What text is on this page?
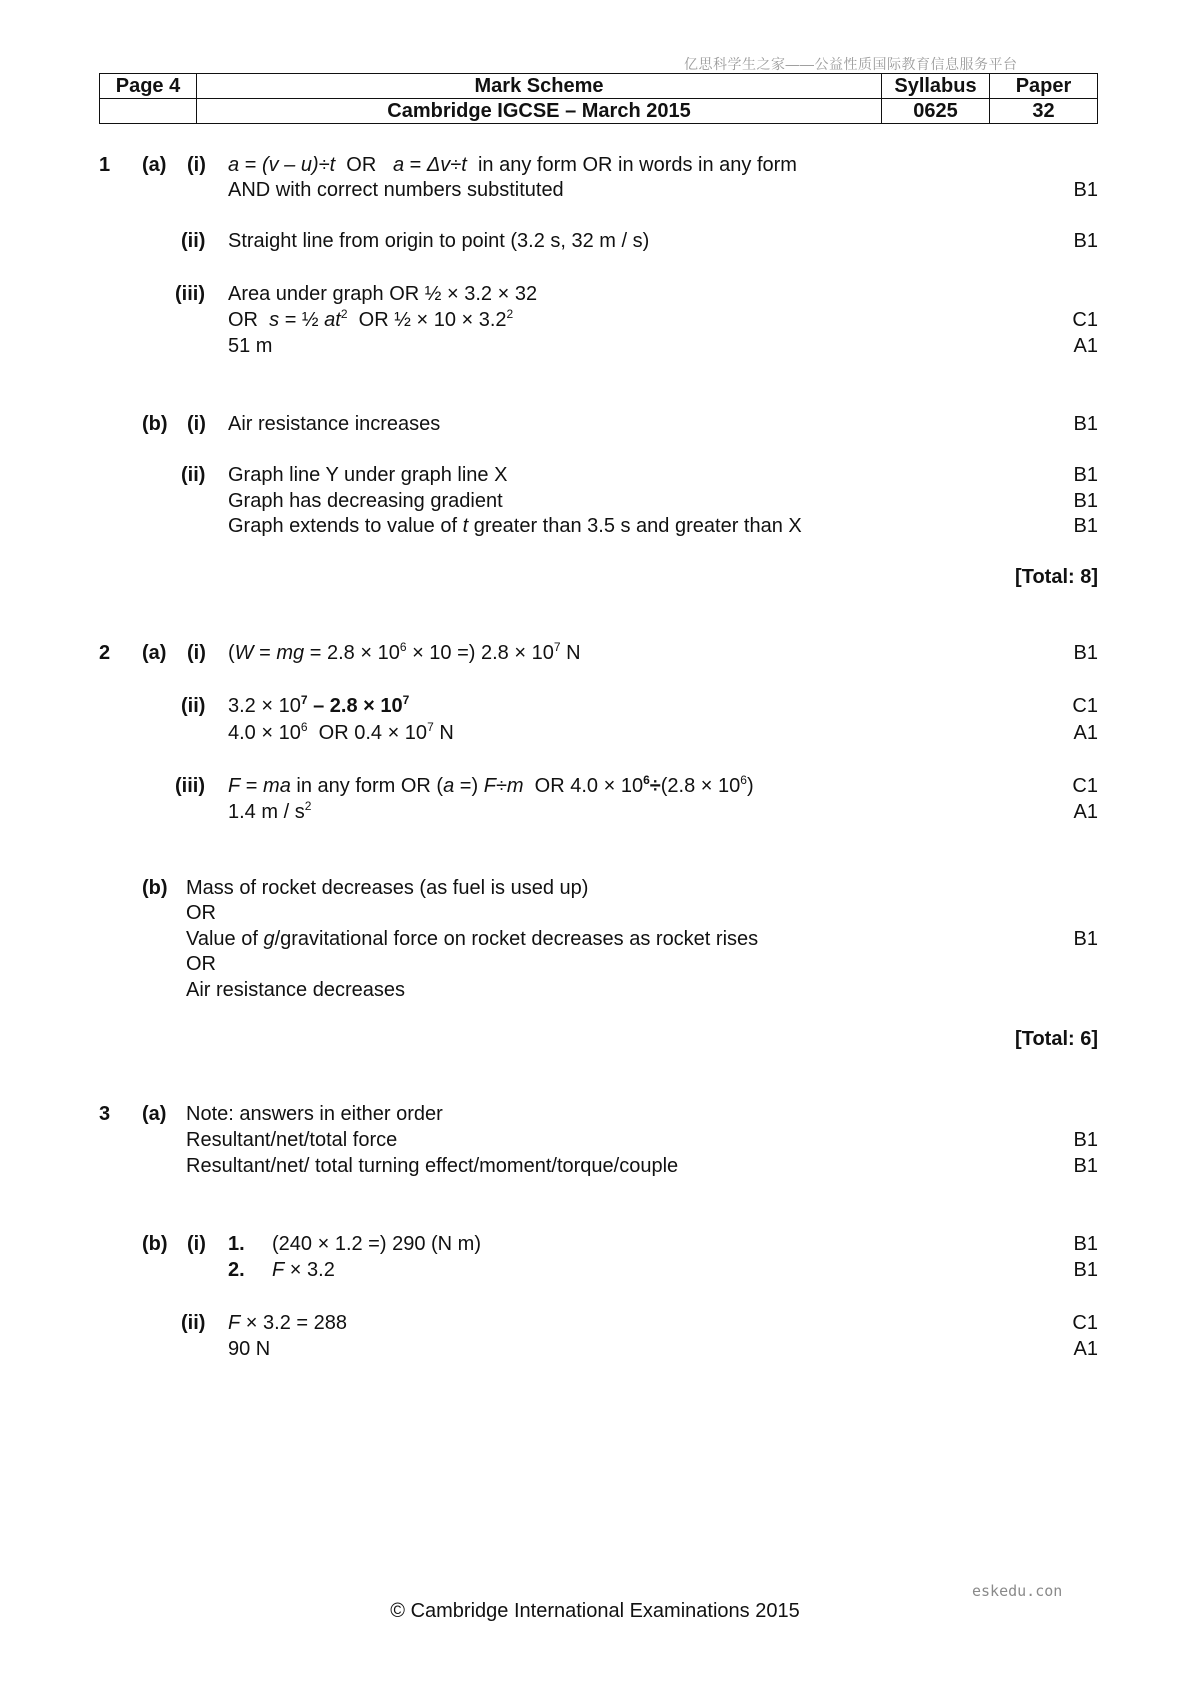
亿思科学生之家——公益性质国际教育信息服务平台
Page 4	Mark Scheme	Syllabus	Paper
	Cambridge IGCSE – March 2015	0625	32
1 (a) (i) a = (v – u)÷t OR a = Δv÷t in any form OR in words in any form
AND with correct numbers substituted	B1
(ii) Straight line from origin to point (3.2 s, 32 m / s)	B1
(iii) Area under graph OR ½ × 3.2 × 32
OR s = ½ $at^2$ OR ½ × $10 \times 3.2^2$	C1
51 m	A1
(b) (i) Air resistance increases	B1
(ii) Graph line Y under graph line X	B1
Graph has decreasing gradient	B1
Graph extends to value of t greater than 3.5 s and greater than X	B1
[Total: 8]
2 (a) (i) (W = mg = $2.8 \times 10^6 \times 10$ =) $2.8 \times 10^7$ N	B1
(ii) $3.2 \times 10^7 - 2.8 \times 10^7$	C1
$4.0 \times 10^6$ OR $0.4 \times 10^7$ N	A1
(iii) F = ma in any form OR (a =) F÷m OR $4.0 \times 10^6\div(2.8 \times 10^6)$	C1
1.4 m / $s^2$	A1
(b) Mass of rocket decreases (as fuel is used up)
OR
Value of g/gravitational force on rocket decreases as rocket rises	B1
OR
Air resistance decreases
[Total: 6]
3 (a) Note: answers in either order
Resultant/net/total force	B1
Resultant/net/ total turning effect/moment/torque/couple	B1
(b) (i) 1. (240 × 1.2 =) 290 (N m)	B1
2. F × 3.2	B1
(ii) F × 3.2 = 288	C1
90 N	A1
eskedu.con
© Cambridge International Examinations 2015
